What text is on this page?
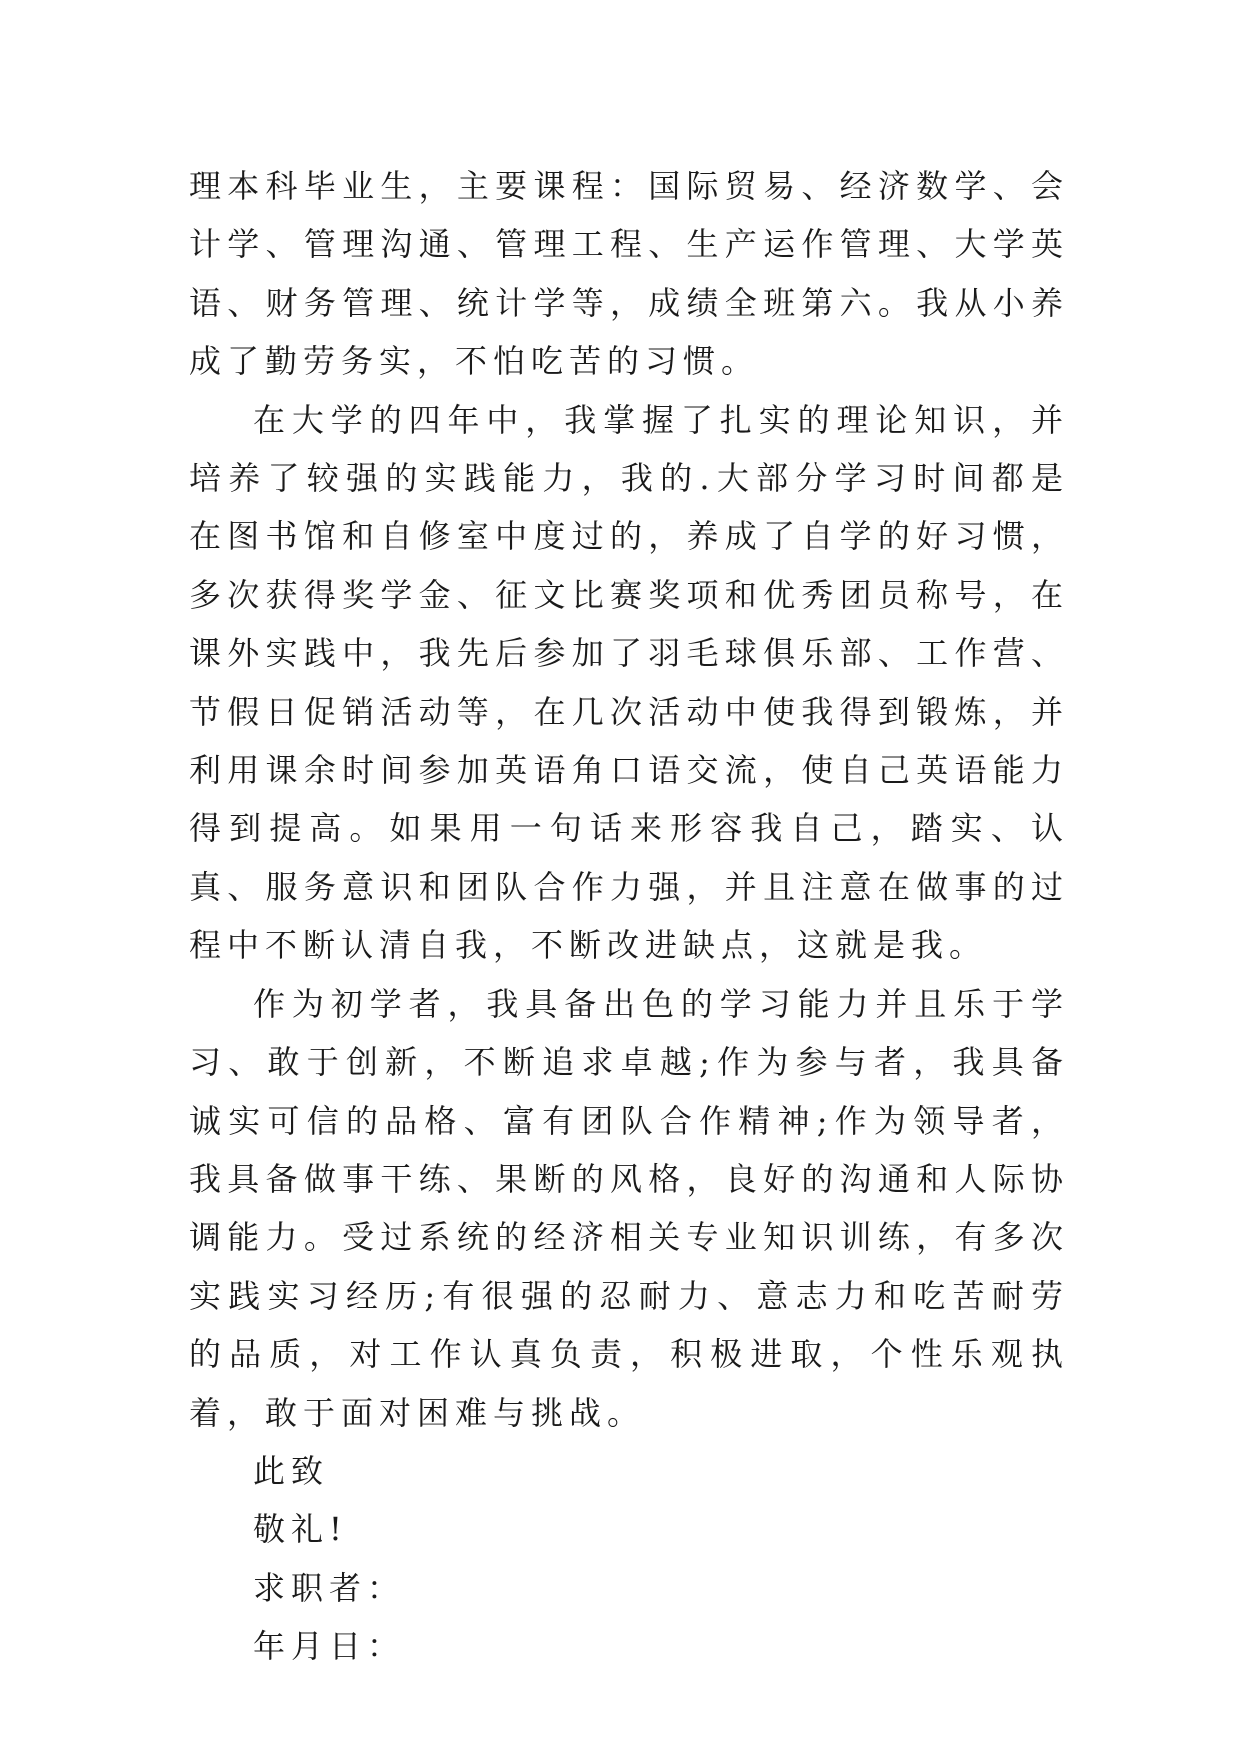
理本科毕业生，主要课程：国际贸易、经济数学、会计学、管理沟通、管理工程、生产运作管理、大学英语、财务管理、统计学等，成绩全班第六。我从小养成了勤劳务实，不怕吃苦的习惯。

在大学的四年中，我掌握了扎实的理论知识，并培养了较强的实践能力，我的.大部分学习时间都是在图书馆和自修室中度过的，养成了自学的好习惯，多次获得奖学金、征文比赛奖项和优秀团员称号，在课外实践中，我先后参加了羽毛球俱乐部、工作营、节假日促销活动等，在几次活动中使我得到锻炼，并利用课余时间参加英语角口语交流，使自己英语能力得到提高。如果用一句话来形容我自己，踏实、认真、服务意识和团队合作力强，并且注意在做事的过程中不断认清自我，不断改进缺点，这就是我。

作为初学者，我具备出色的学习能力并且乐于学习、敢于创新，不断追求卓越;作为参与者，我具备诚实可信的品格、富有团队合作精神;作为领导者，我具备做事干练、果断的风格，良好的沟通和人际协调能力。受过系统的经济相关专业知识训练，有多次实践实习经历;有很强的忍耐力、意志力和吃苦耐劳的品质，对工作认真负责，积极进取，个性乐观执着，敢于面对困难与挑战。

此致

敬礼!

求职者：

年月日：
